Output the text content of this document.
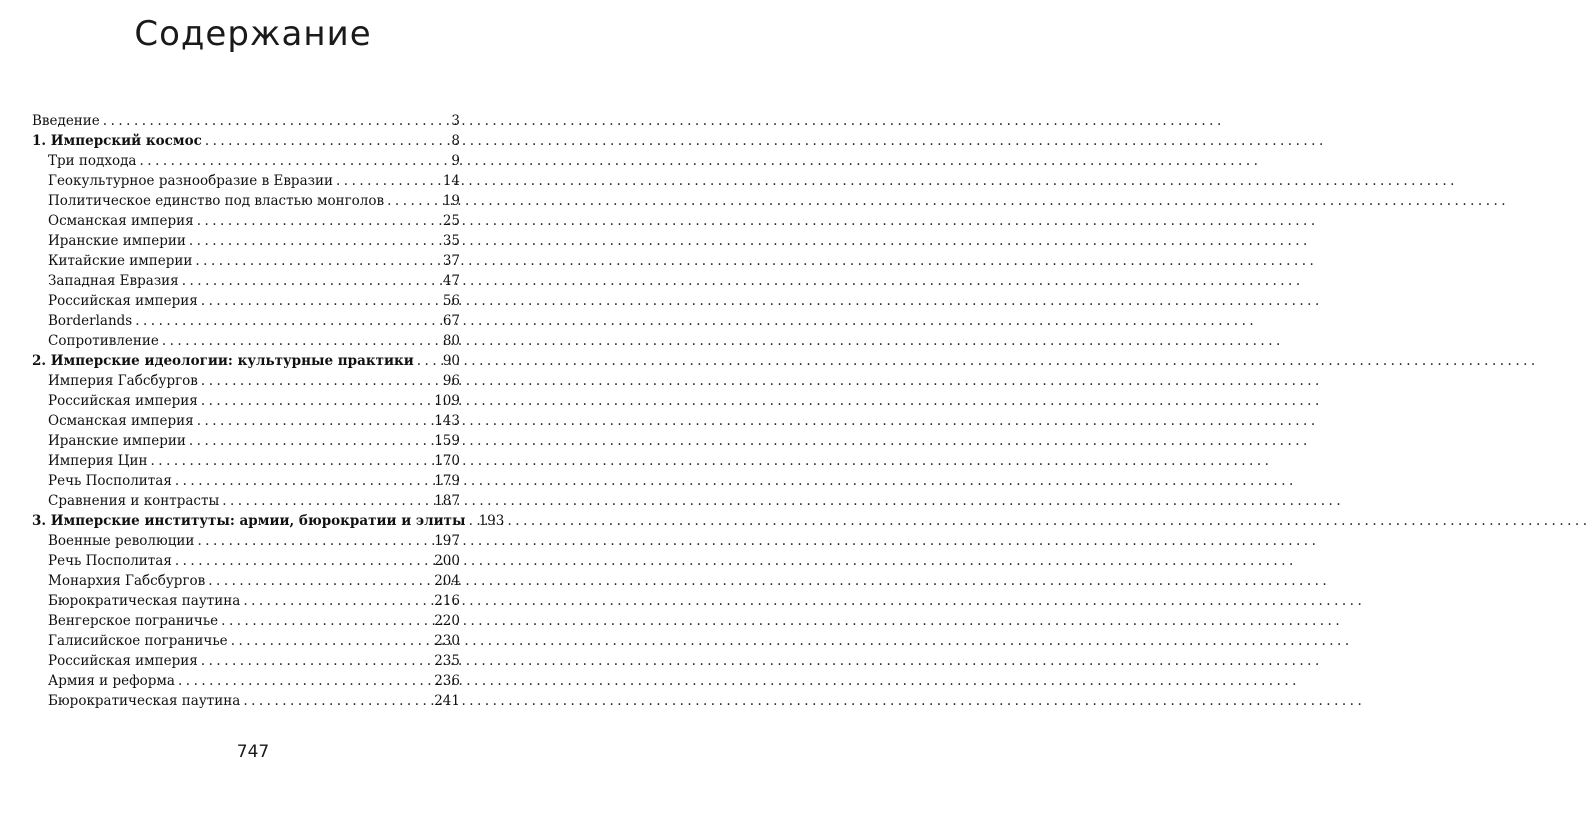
Содержание
Введение .....	3
1. Имперский космос .....	8
Три подхода .....	9
Геокультурное разнообразие в Евразии .....	14
Политическое единство под властью монголов .....	19
Османская империя .....	25
Иранские империи .....	35
Китайские империи .....	37
Западная Евразия .....	47
Российская империя .....	56
Borderlands .....	67
Сопротивление .....	80
2. Имперские идеологии: культурные практики ..... 90
Империя Габсбургов .....	96
Российская империя .....	109
Османская империя .....	143
Иранские империи .....	159
Империя Цин .....	170
Речь Посполитая .....	179
Сравнения и контрасты .....	187
3. Имперские институты: армии, бюрократии и элиты ..... 193
Военные революции .....	197
Речь Посполитая .....	200
Монархия Габсбургов .....	204
Бюрократическая паутина .....	216
Венгерское пограничье .....	220
Галисийское пограничье .....	230
Российская империя .....	235
Армия и реформа .....	236
Бюрократическая паутина .....	241
747
